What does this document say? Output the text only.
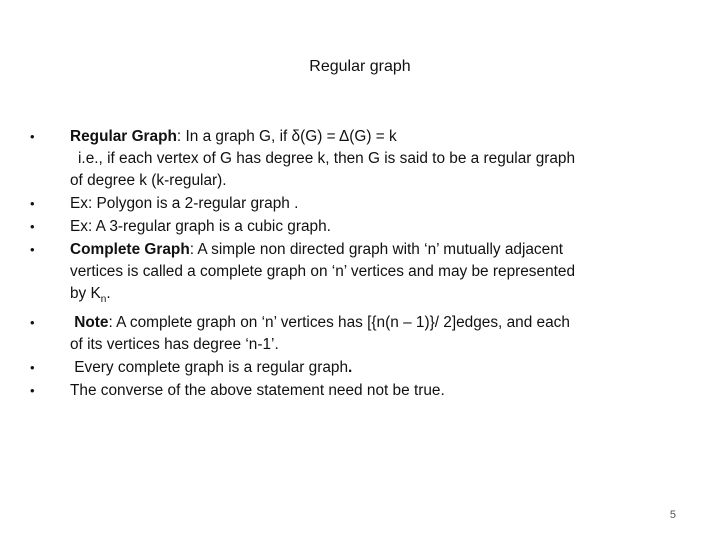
Regular graph
• Regular Graph: In a graph G, if δ(G) = Δ(G) = k
i.e., if each vertex of G has degree k, then G is said to be a regular graph
of degree k (k-regular).
• Ex: Polygon is a 2-regular graph .
• Ex: A 3-regular graph is a cubic graph.
• Complete Graph: A simple non directed graph with ‘n’ mutually adjacent
vertices is called a complete graph on ‘n’ vertices and may be represented
by $K_n$.
•	Note: A complete graph on ‘n’ vertices has [{n(n – 1)}/ 2]edges, and each
of its vertices has degree ‘n-1’.
•	Every complete graph is a regular graph.
• The converse of the above statement need not be true.
5
